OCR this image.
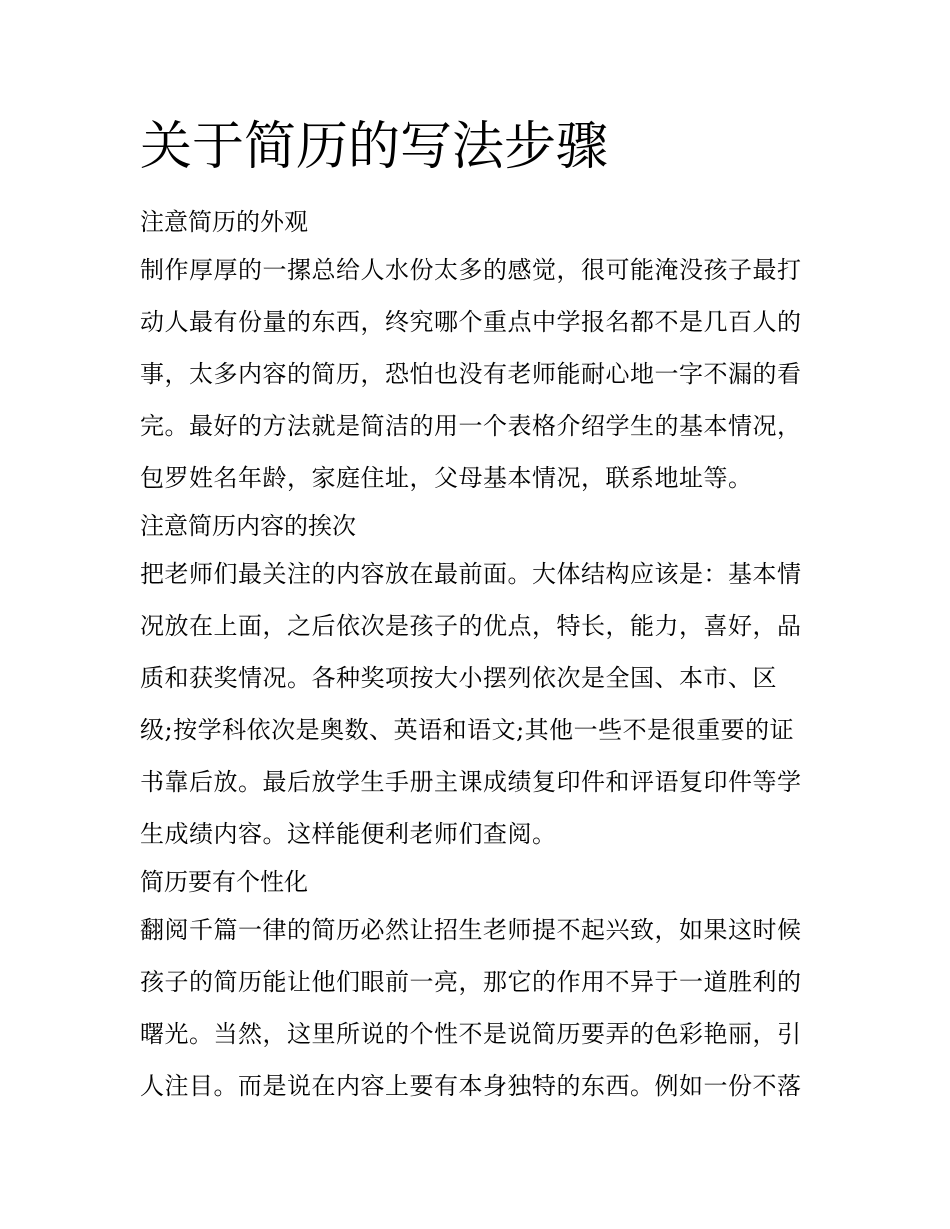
关于简历的写法步骤
注意简历的外观
制作厚厚的一摞总给人水份太多的感觉，很可能淹没孩子最打
动人最有份量的东西，终究哪个重点中学报名都不是几百人的
事，太多内容的简历，恐怕也没有老师能耐心地一字不漏的看
完。最好的方法就是简洁的用一个表格介绍学生的基本情况，
包罗姓名年龄，家庭住址，父母基本情况，联系地址等。
注意简历内容的挨次
把老师们最关注的内容放在最前面。大体结构应该是：基本情
况放在上面，之后依次是孩子的优点，特长，能力，喜好，品
质和获奖情况。各种奖项按大小摆列依次是全国、本市、区
级;按学科依次是奥数、英语和语文;其他一些不是很重要的证
书靠后放。最后放学生手册主课成绩复印件和评语复印件等学
生成绩内容。这样能便利老师们查阅。
简历要有个性化
翻阅千篇一律的简历必然让招生老师提不起兴致，如果这时候
孩子的简历能让他们眼前一亮，那它的作用不异于一道胜利的
曙光。当然，这里所说的个性不是说简历要弄的色彩艳丽，引
人注目。而是说在内容上要有本身独特的东西。例如一份不落
